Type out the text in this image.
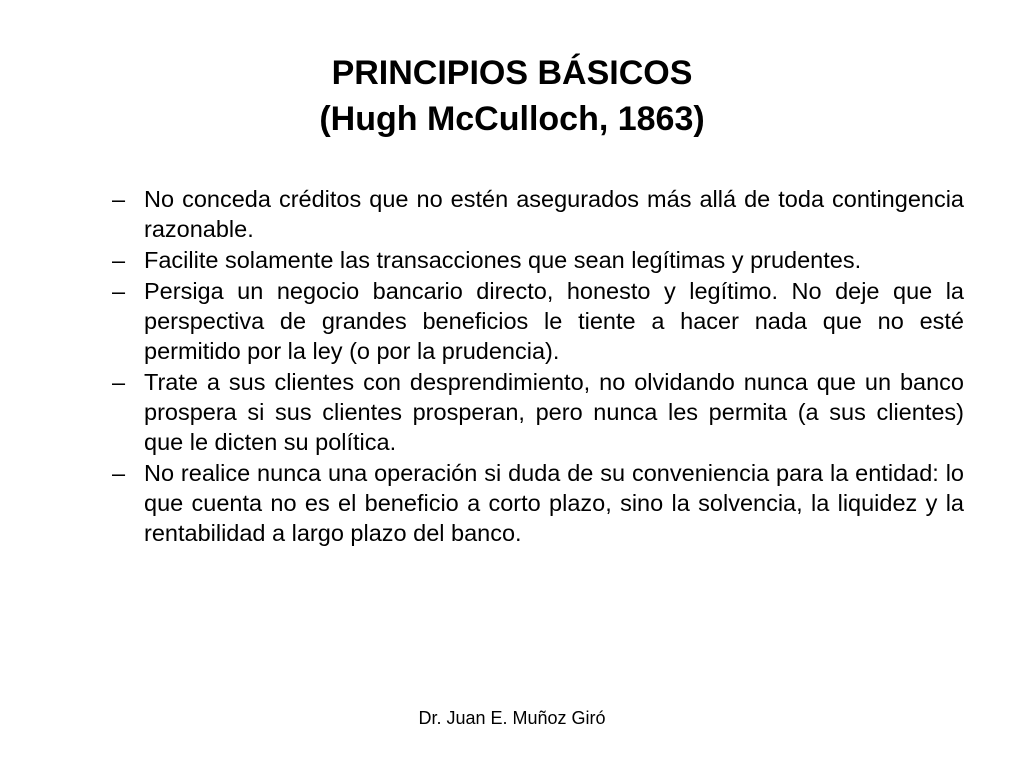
PRINCIPIOS BÁSICOS
(Hugh McCulloch, 1863)
– No conceda créditos que no estén asegurados más allá de toda contingencia razonable.
– Facilite solamente las transacciones que sean legítimas y prudentes.
– Persiga un negocio bancario directo, honesto y legítimo. No deje que la perspectiva de grandes beneficios le tiente a hacer nada que no esté permitido por la ley (o por la prudencia).
– Trate a sus clientes con desprendimiento, no olvidando nunca que un banco prospera si sus clientes prosperan, pero nunca les permita (a sus clientes) que le dicten su política.
– No realice nunca una operación si duda de su conveniencia para la entidad: lo que cuenta no es el beneficio a corto plazo, sino la solvencia, la liquidez y la rentabilidad a largo plazo del banco.
Dr. Juan E. Muñoz Giró
